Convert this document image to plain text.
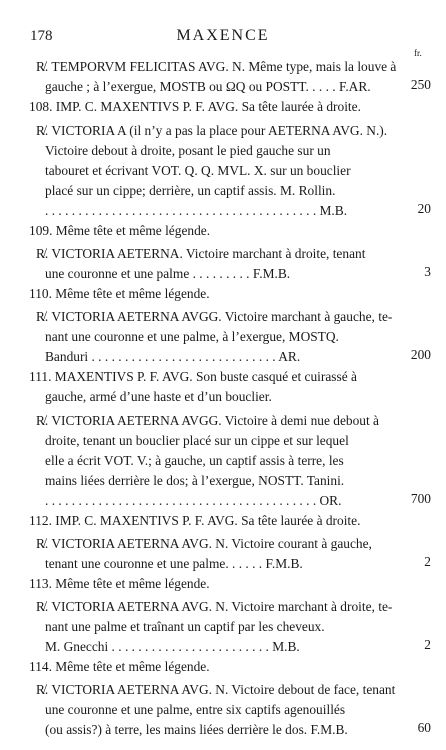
178	MAXENCE
fr.
R̸. TEMPORVM FELICITAS AVG. N. Même type, mais la louve à
gauche ; à l’exergue, MOSTB ou ΩQ ou POSTT. . . . . F.AR.
108. IMP. C. MAXENTIVS P. F. AVG. Sa tête laurée à droite.
R̸. VICTORIA A (il n’y a pas la place pour AETERNA AVG. N.).
Victoire debout à droite, posant le pied gauche sur un
tabouret et écrivant VOT. Q. Q. MVL. X. sur un bouclier
placé sur un cippe; derrière, un captif assis. M. Rollin.
. . . . . . . . . . . . . . . . . . . . . . . . . . . . . . . . . . . . . . . . . M.B.
109. Même tête et même légende.
R̸. VICTORIA AETERNA. Victoire marchant à droite, tenant
une couronne et une palme . . . . . . . . . F.M.B.
110. Même tête et même légende.
R̸. VICTORIA AETERNA AVGG. Victoire marchant à gauche, te-
nant une couronne et une palme, à l’exergue, MOSTQ.
Banduri . . . . . . . . . . . . . . . . . . . . . . . . . . . . AR.
111. MAXENTIVS P. F. AVG. Son buste casqué et cuirassé à
gauche, armé d’une haste et d’un bouclier.
R̸. VICTORIA AETERNA AVGG. Victoire à demi nue debout à
droite, tenant un bouclier placé sur un cippe et sur lequel
elle a écrit VOT. V.; à gauche, un captif assis à terre, les
mains liées derrière le dos; à l’exergue, NOSTT. Tanini.
. . . . . . . . . . . . . . . . . . . . . . . . . . . . . . . . . . . . . . . . . OR.
112. IMP. C. MAXENTIVS P. F. AVG. Sa tête laurée à droite.
R̸. VICTORIA AETERNA AVG. N. Victoire courant à gauche,
tenant une couronne et une palme. . . . . . F.M.B.
113. Même tête et même légende.
R̸. VICTORIA AETERNA AVG. N. Victoire marchant à droite, te-
nant une palme et traînant un captif par les cheveux.
M. Gnecchi . . . . . . . . . . . . . . . . . . . . . . . . M.B.
114. Même tête et même légende.
R̸. VICTORIA AETERNA AVG. N. Victoire debout de face, tenant
une couronne et une palme, entre six captifs agenouillés
(ou assis?) à terre, les mains liées derrière le dos. F.M.B.
250
20
3
200
700
2
2
60
